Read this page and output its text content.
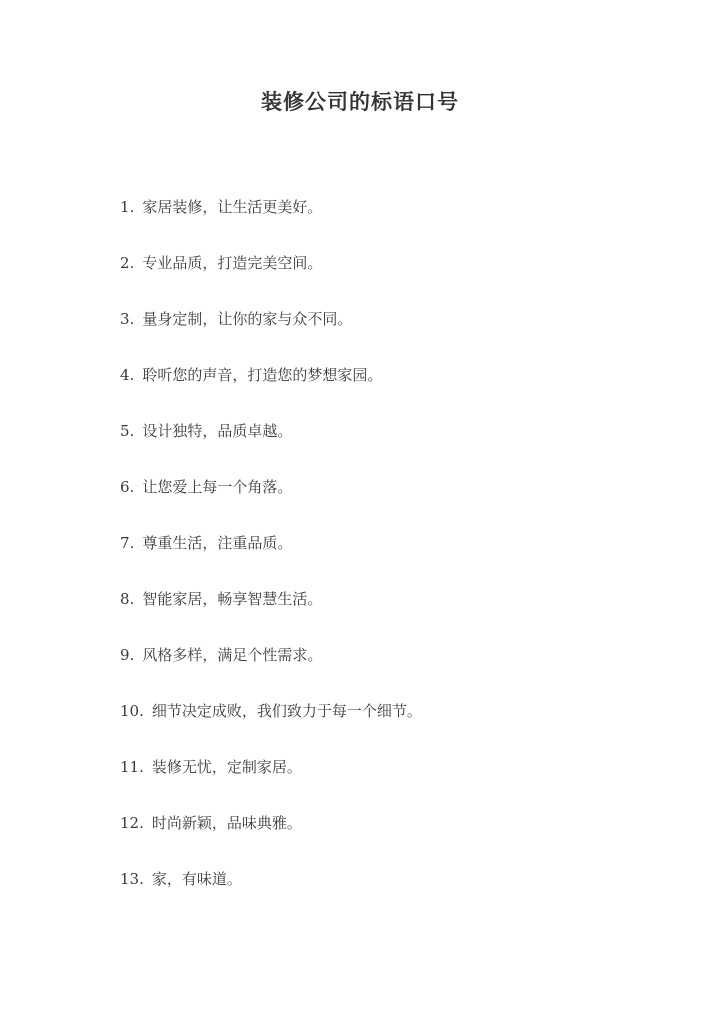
装修公司的标语口号
1. 家居装修，让生活更美好。
2. 专业品质，打造完美空间。
3. 量身定制，让你的家与众不同。
4. 聆听您的声音，打造您的梦想家园。
5. 设计独特，品质卓越。
6. 让您爱上每一个角落。
7. 尊重生活，注重品质。
8. 智能家居，畅享智慧生活。
9. 风格多样，满足个性需求。
10. 细节决定成败，我们致力于每一个细节。
11. 装修无忧，定制家居。
12. 时尚新颖，品味典雅。
13. 家，有味道。
